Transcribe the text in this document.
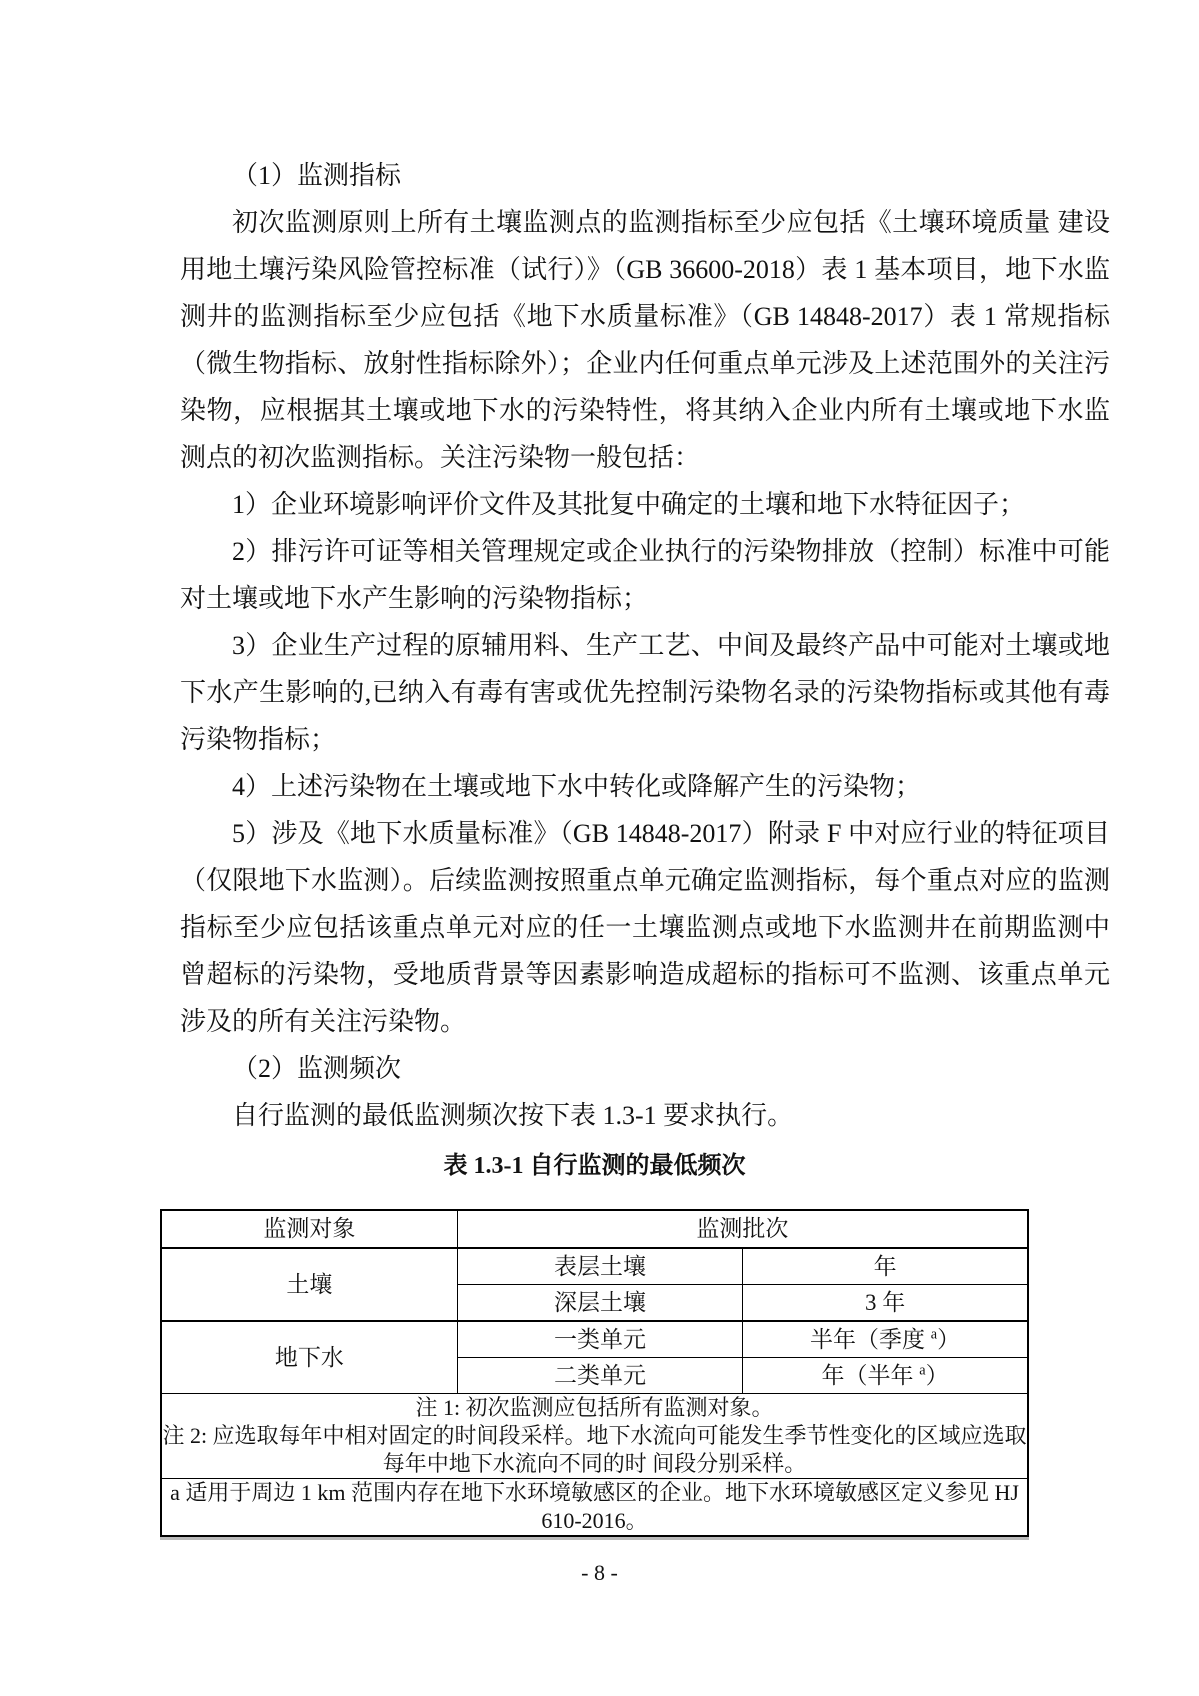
（1）监测指标

初次监测原则上所有土壤监测点的监测指标至少应包括《土壤环境质量 建设用地土壤污染风险管控标准（试行）》（GB 36600-2018）表 1 基本项目，地下水监测井的监测指标至少应包括《地下水质量标准》（GB 14848-2017）表 1 常规指标（微生物指标、放射性指标除外）；企业内任何重点单元涉及上述范围外的关注污染物，应根据其土壤或地下水的污染特性，将其纳入企业内所有土壤或地下水监测点的初次监测指标。关注污染物一般包括：

1）企业环境影响评价文件及其批复中确定的土壤和地下水特征因子；

2）排污许可证等相关管理规定或企业执行的污染物排放（控制）标准中可能对土壤或地下水产生影响的污染物指标；

3）企业生产过程的原辅用料、生产工艺、中间及最终产品中可能对土壤或地下水产生影响的,已纳入有毒有害或优先控制污染物名录的污染物指标或其他有毒污染物指标；

4）上述污染物在土壤或地下水中转化或降解产生的污染物；

5）涉及《地下水质量标准》（GB 14848-2017）附录 F 中对应行业的特征项目（仅限地下水监测）。后续监测按照重点单元确定监测指标，每个重点对应的监测指标至少应包括该重点单元对应的任一土壤监测点或地下水监测井在前期监测中曾超标的污染物，受地质背景等因素影响造成超标的指标可不监测、该重点单元涉及的所有关注污染物。

（2）监测频次

自行监测的最低监测频次按下表 1.3-1 要求执行。

表 1.3-1 自行监测的最低频次
监测对象	监测批次	
土壤	表层土壤	年
	深层土壤	3 年
地下水	一类单元	半年（季度 $^a$）
	二类单元	年（半年 $^a$）

注 1: 初次监测应包括所有监测对象。
注 2: 应选取每年中相对固定的时间段采样。地下水流向可能发生季节性变化的区域应选取每年中地下水流向不同的时 间段分别采样。		

a 适用于周边 1 km 范围内存在地下水环境敏感区的企业。地下水环境敏感区定义参见 HJ 610-2016。		
- 8 -
